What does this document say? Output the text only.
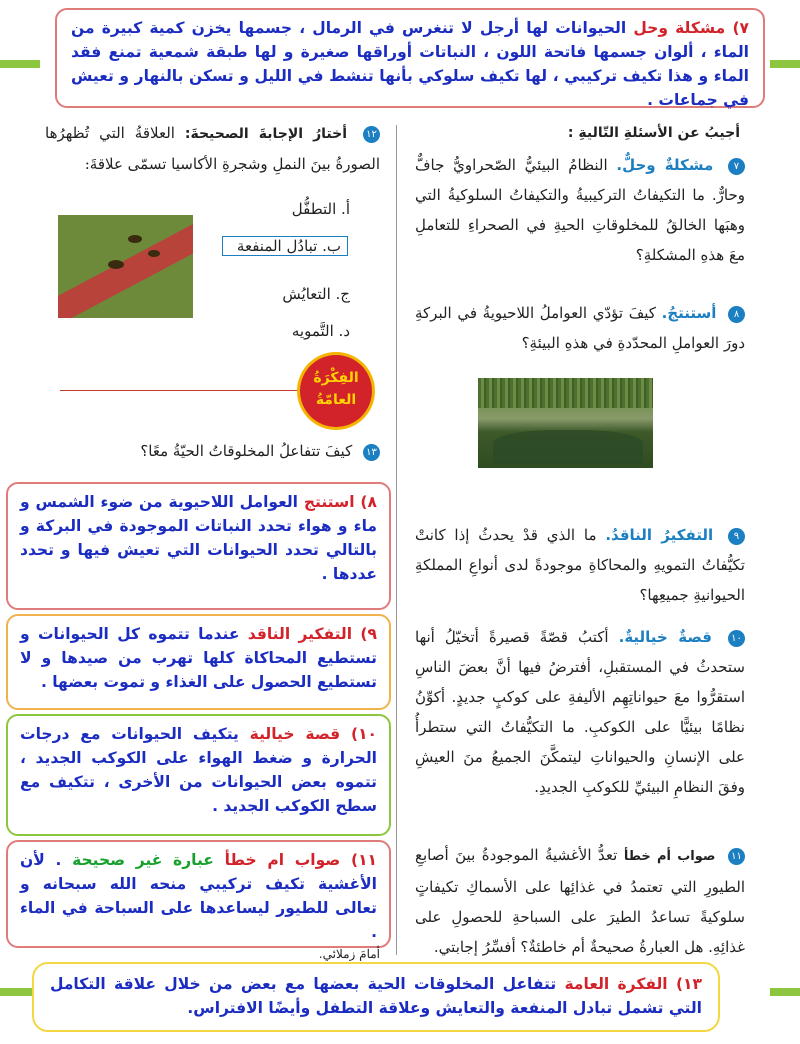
٧) مشكلة وحل الحيوانات لها أرجل لا تنغرس في الرمال ، جسمها يخزن كمية كبيرة من الماء ، ألوان جسمها فاتحة اللون ، النباتات أوراقها صغيرة و لها طبقة شمعية تمنع فقد الماء و هذا تكيف تركيبي ، لها تكيف سلوكي بأنها تنشط في الليل و تسكن بالنهار و تعيش في جماعات .
أجيبُ عن الأسئلةِ التّاليةِ :
٧ مشكلةٌ وحلٌّ. النظامُ البيئيُّ الصّحراويُّ جافٌّ وحارٌّ. ما التكيفاتُ التركيبيةُ والتكيفاتُ السلوكيةُ التي وهبَها الخالقُ للمخلوقاتِ الحيةِ في الصحراءِ للتعاملِ معَ هذهِ المشكلةِ؟
٨ أستنتجُ. كيفَ تؤدّي العواملُ اللاحيويةُ في البركةِ دورَ العواملِ المحدّدةِ في هذهِ البيئةِ؟
٩ التفكيرُ الناقدُ. ما الذي قدْ يحدثُ إذا كانتْ تكيُّفاتُ التمويهِ والمحاكاةِ موجودةً لدى أنواعِ المملكةِ الحيوانيةِ جميعِها؟
١٠ قصةٌ خياليةٌ. أكتبُ قصّةً قصيرةً أتخيّلُ أنها ستحدثُ في المستقبلِ، أفترضُ فيها أنَّ بعضَ الناسِ استقرُّوا معَ حيواناتِهِم الأليفةِ على كوكبٍ جديدٍ. أكوِّنُ نظامًا بيئيًّا على الكوكبِ. ما التكيُّفاتُ التي ستطرأُ على الإنسانِ والحيواناتِ ليتمكَّنَ الجميعُ منَ العيشِ وفقَ النظامِ البيئيِّ للكوكبِ الجديدِ.
١١ صواب أم خطأ تعدُّ الأغشيةُ الموجودةُ بينَ أصابعِ الطيورِ التي تعتمدُ في غذائِها على الأسماكِ تكيفاتٍ سلوكيةً تساعدُ الطيرَ على السباحةِ للحصولِ على غذائِهِ. هل العبارةُ صحيحةٌ أم خاطئةٌ؟ أفسِّرُ إجابتي.
١٢ أختارُ الإجابةَ الصحيحةَ: العلاقةُ التي تُظهرُها الصورةُ بينَ النملِ وشجرةِ الأكاسيا تسمّى علاقةَ:
أ. التطفُّل
ب. تبادُل المنفعة
ج. التعايُش
د. التَّمويه
الفِكْرَةُ
العامّةُ
١٣ كيفَ تتفاعلُ المخلوقاتُ الحيّةُ معًا؟
٨) استنتج العوامل اللاحيوية من ضوء الشمس و ماء و هواء تحدد النباتات الموجودة في البركة و بالتالي تحدد الحيوانات التي تعيش فيها و تحدد عددها .
٩) التفكير الناقد عندما تتموه كل الحيوانات و تستطيع المحاكاة كلها تهرب من صيدها و لا تستطيع الحصول على الغذاء و تموت بعضها .
١٠) قصة خيالية يتكيف الحيوانات مع درجات الحرارة و ضغط الهواء على الكوكب الجديد ، تتموه بعض الحيوانات من الأخرى ، تتكيف مع سطح الكوكب الجديد .
١١) صواب ام خطأ عبارة غير صحيحة . لأن الأغشية تكيف تركيبي منحه الله سبحانه و تعالى للطيور ليساعدها على السباحة في الماء .
أمامَ زملائي.
١٣) الفكرة العامة تتفاعل المخلوقات الحية بعضها مع بعض من خلال علاقة التكامل التي تشمل تبادل المنفعة والتعايش وعلاقة التطفل وأيضًا الافتراس.
